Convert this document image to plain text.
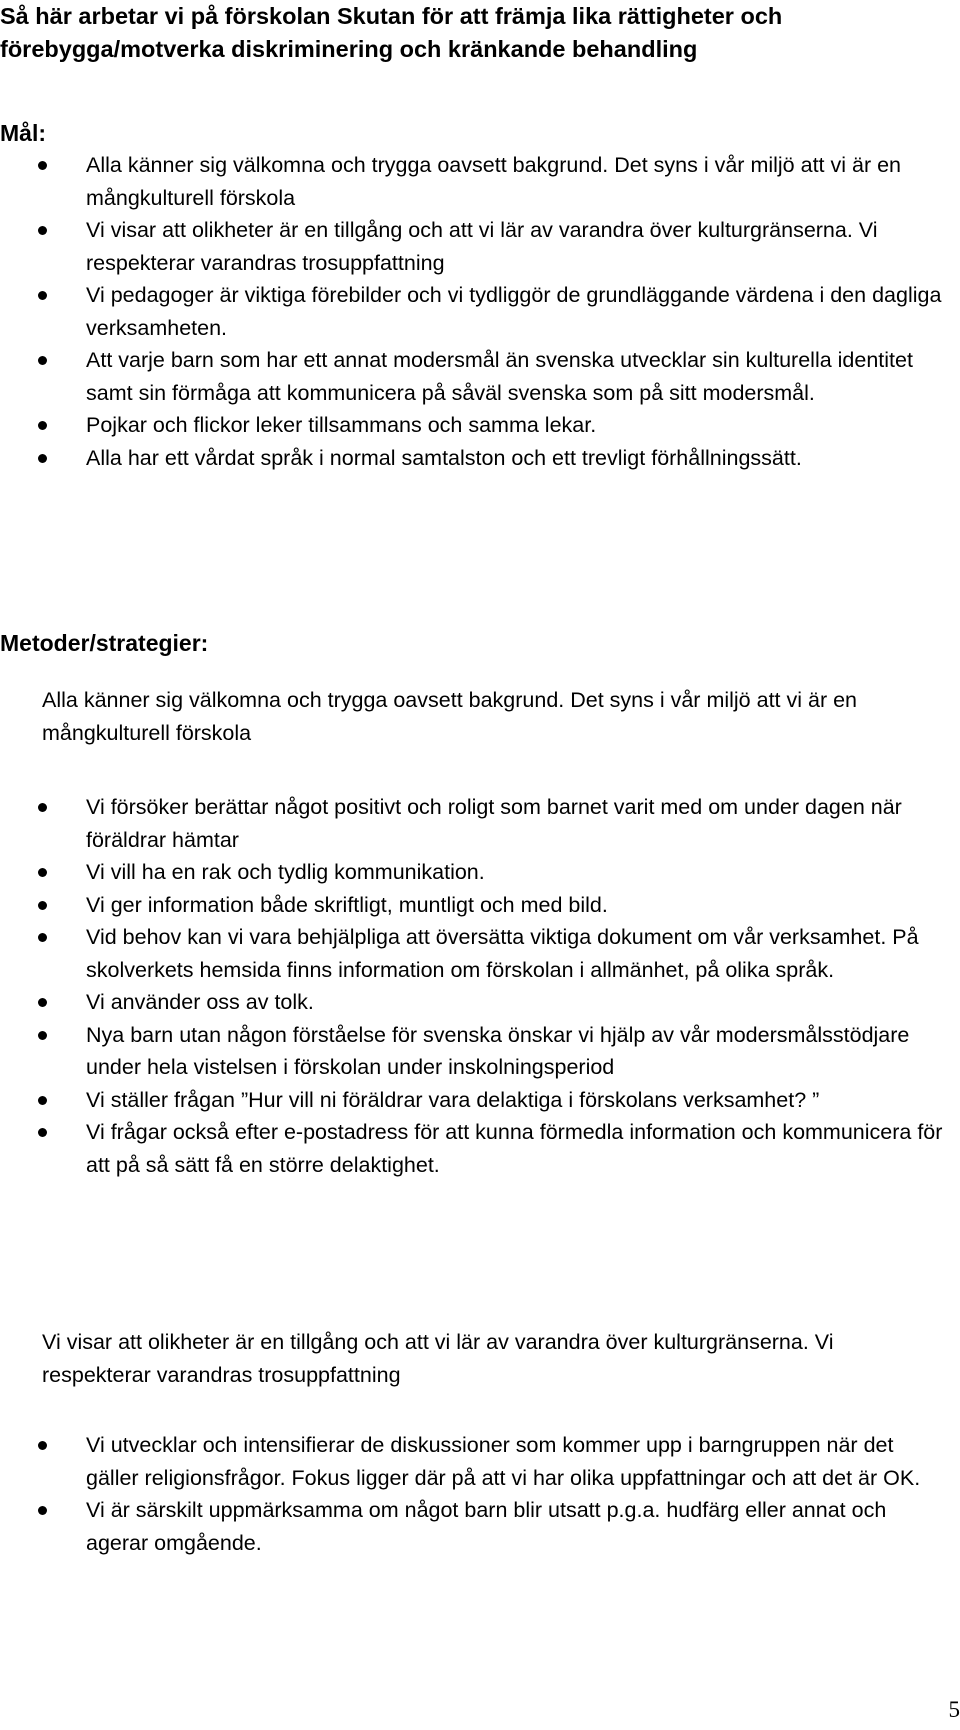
Så här arbetar vi på förskolan Skutan för att främja lika rättigheter och förebygga/motverka diskriminering och kränkande behandling
Mål:
Alla känner sig välkomna och trygga oavsett bakgrund. Det syns i vår miljö att vi är en mångkulturell förskola
Vi visar att olikheter är en tillgång och att vi lär av varandra över kulturgränserna. Vi respekterar varandras trosuppfattning
Vi pedagoger är viktiga förebilder och vi tydliggör de grundläggande värdena i den dagliga verksamheten.
Att varje barn som har ett annat modersmål än svenska utvecklar sin kulturella identitet samt sin förmåga att kommunicera på såväl svenska som på sitt modersmål.
Pojkar och flickor leker tillsammans och samma lekar.
Alla har ett vårdat språk i normal samtalston och ett trevligt förhållningssätt.
Metoder/strategier:

Alla känner sig välkomna och trygga oavsett bakgrund. Det syns i vår miljö att vi är en mångkulturell förskola

Vi försöker berättar något positivt och roligt som barnet varit med om under dagen när föräldrar hämtar
Vi vill ha en rak och tydlig kommunikation.
Vi ger information både skriftligt, muntligt och med bild.
Vid behov kan vi vara behjälpliga att översätta viktiga dokument om vår verksamhet. På skolverkets hemsida finns information om förskolan i allmänhet, på olika språk.
Vi använder oss av tolk.
Nya barn utan någon förståelse för svenska önskar vi hjälp av vår modersmålsstödjare under hela vistelsen i förskolan under inskolningsperiod
Vi ställer frågan ”Hur vill ni föräldrar vara delaktiga i förskolans verksamhet? ”
Vi frågar också efter e-postadress för att kunna förmedla information och kommunicera för att på så sätt få en större delaktighet.

Vi visar att olikheter är en tillgång och att vi lär av varandra över kulturgränserna. Vi respekterar varandras trosuppfattning

Vi utvecklar och intensifierar de diskussioner som kommer upp i barngruppen när det gäller religionsfrågor. Fokus ligger där på att vi har olika uppfattningar och att det är OK.
Vi är särskilt uppmärksamma om något barn blir utsatt p.g.a. hudfärg eller annat och agerar omgående.
5
